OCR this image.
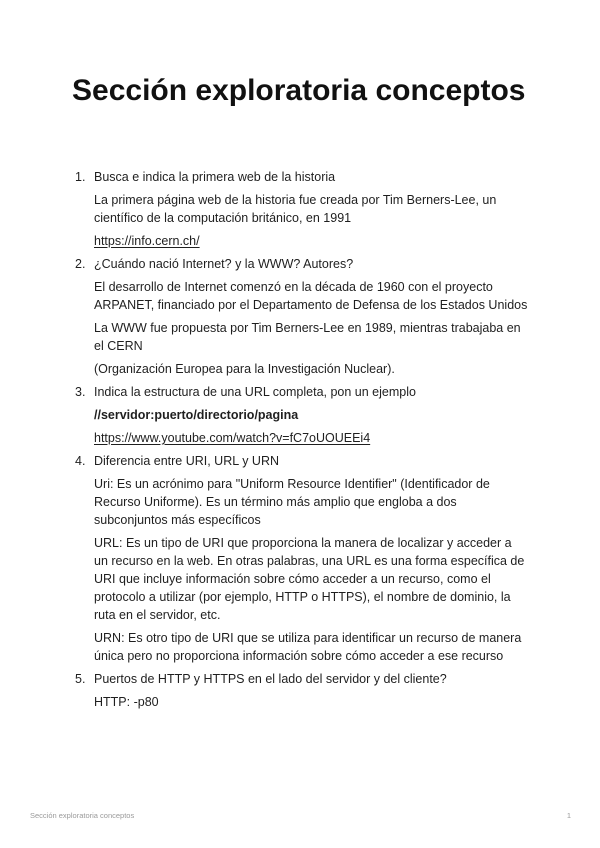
Sección exploratoria conceptos
1. Busca e indica la primera web de la historia
La primera página web de la historia fue creada por Tim Berners-Lee, un científico de la computación británico, en 1991
https://info.cern.ch/
2. ¿Cuándo nació Internet? y la WWW? Autores?
El desarrollo de Internet comenzó en la década de 1960 con el proyecto ARPANET, financiado por el Departamento de Defensa de los Estados Unidos
La WWW fue propuesta por Tim Berners-Lee en 1989, mientras trabajaba en el CERN
(Organización Europea para la Investigación Nuclear).
3. Indica la estructura de una URL completa, pon un ejemplo
//servidor:puerto/directorio/pagina
https://www.youtube.com/watch?v=fC7oUOUEEi4
4. Diferencia entre URI, URL y URN
Uri: Es un acrónimo para "Uniform Resource Identifier" (Identificador de Recurso Uniforme). Es un término más amplio que engloba a dos subconjuntos más específicos
URL: Es un tipo de URI que proporciona la manera de localizar y acceder a un recurso en la web. En otras palabras, una URL es una forma específica de URI que incluye información sobre cómo acceder a un recurso, como el protocolo a utilizar (por ejemplo, HTTP o HTTPS), el nombre de dominio, la ruta en el servidor, etc.
URN: Es otro tipo de URI que se utiliza para identificar un recurso de manera única pero no proporciona información sobre cómo acceder a ese recurso
5. Puertos de HTTP y HTTPS en el lado del servidor y del cliente?
HTTP: -p80
Sección exploratoria conceptos	1
